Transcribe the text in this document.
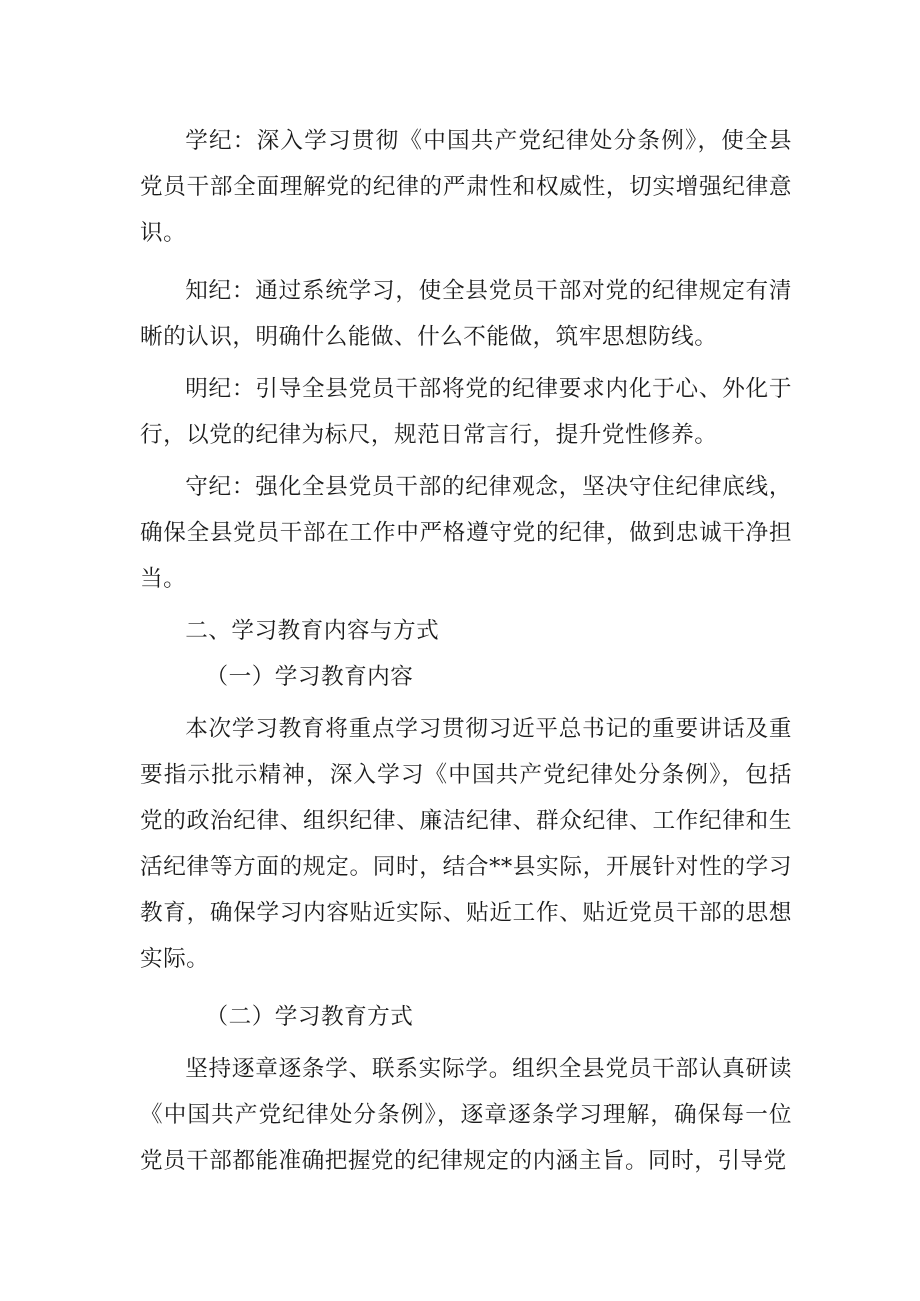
学纪：深入学习贯彻《中国共产党纪律处分条例》，使全县党员干部全面理解党的纪律的严肃性和权威性，切实增强纪律意识。

知纪：通过系统学习，使全县党员干部对党的纪律规定有清晰的认识，明确什么能做、什么不能做，筑牢思想防线。

明纪：引导全县党员干部将党的纪律要求内化于心、外化于行，以党的纪律为标尺，规范日常言行，提升党性修养。

守纪：强化全县党员干部的纪律观念，坚决守住纪律底线，确保全县党员干部在工作中严格遵守党的纪律，做到忠诚干净担当。

二、学习教育内容与方式

（一）学习教育内容

本次学习教育将重点学习贯彻习近平总书记的重要讲话及重要指示批示精神，深入学习《中国共产党纪律处分条例》，包括党的政治纪律、组织纪律、廉洁纪律、群众纪律、工作纪律和生活纪律等方面的规定。同时，结合**县实际，开展针对性的学习教育，确保学习内容贴近实际、贴近工作、贴近党员干部的思想实际。

（二）学习教育方式

坚持逐章逐条学、联系实际学。组织全县党员干部认真研读《中国共产党纪律处分条例》，逐章逐条学习理解，确保每一位党员干部都能准确把握党的纪律规定的内涵主旨。同时，引导党
